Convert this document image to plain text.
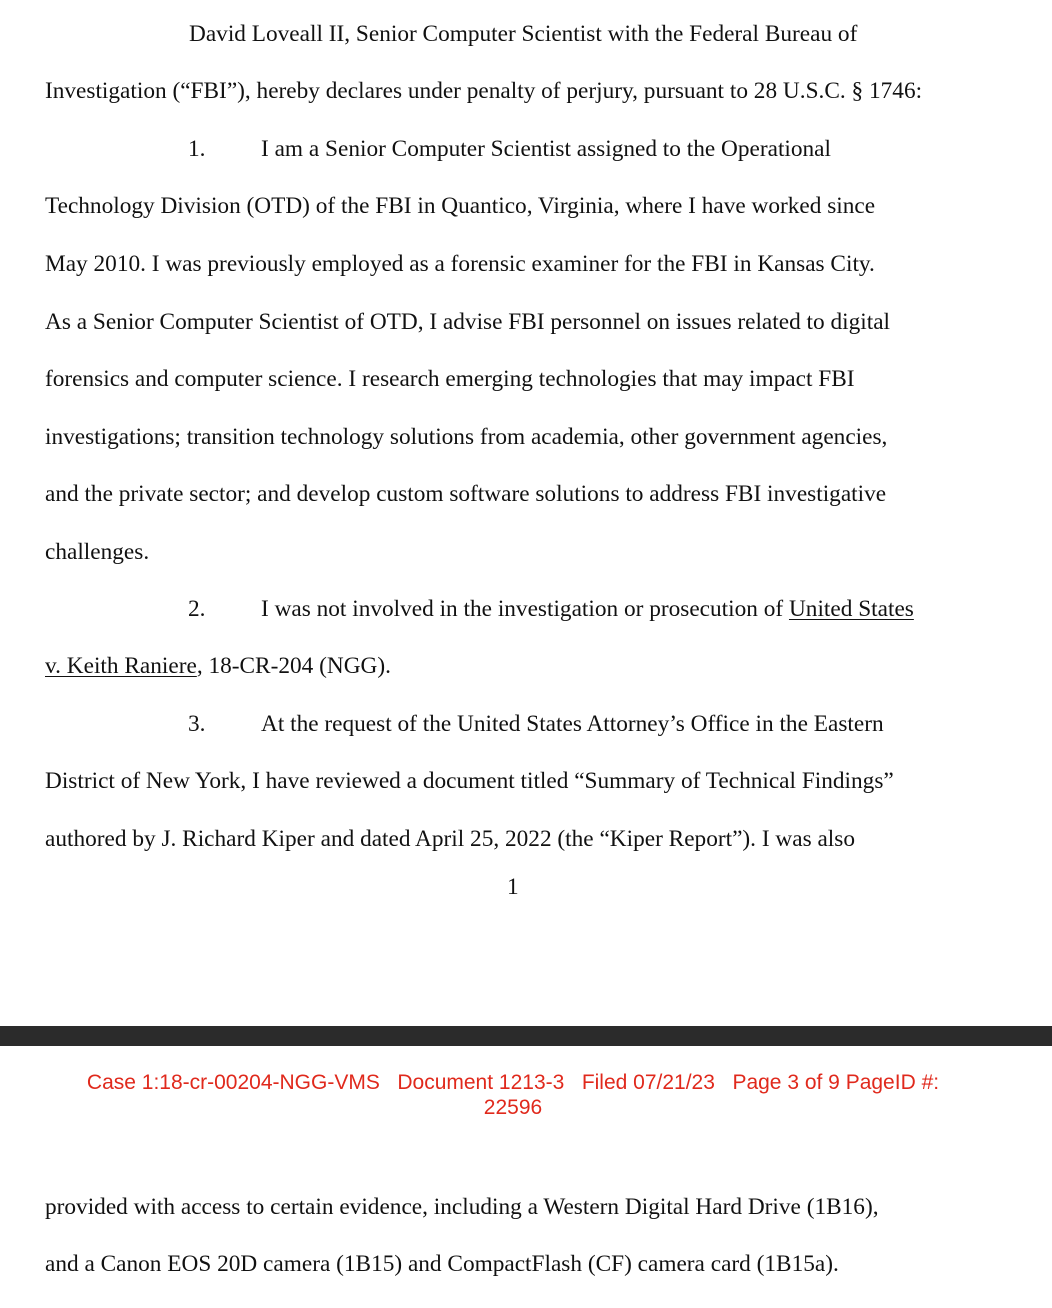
David Loveall II, Senior Computer Scientist with the Federal Bureau of

Investigation (“FBI”), hereby declares under penalty of perjury, pursuant to 28 U.S.C. § 1746:

1. I am a Senior Computer Scientist assigned to the Operational

Technology Division (OTD) of the FBI in Quantico, Virginia, where I have worked since

May 2010. I was previously employed as a forensic examiner for the FBI in Kansas City.

As a Senior Computer Scientist of OTD, I advise FBI personnel on issues related to digital

forensics and computer science. I research emerging technologies that may impact FBI

investigations; transition technology solutions from academia, other government agencies,

and the private sector; and develop custom software solutions to address FBI investigative

challenges.

2. I was not involved in the investigation or prosecution of United States

v. Keith Raniere, 18-CR-204 (NGG).

3. At the request of the United States Attorney’s Office in the Eastern

District of New York, I have reviewed a document titled “Summary of Technical Findings”

authored by J. Richard Kiper and dated April 25, 2022 (the “Kiper Report”). I was also

1
Case 1:18-cr-00204-NGG-VMS Document 1213-3 Filed 07/21/23 Page 3 of 9 PageID #:
22596

provided with access to certain evidence, including a Western Digital Hard Drive (1B16),

and a Canon EOS 20D camera (1B15) and CompactFlash (CF) camera card (1B15a).
